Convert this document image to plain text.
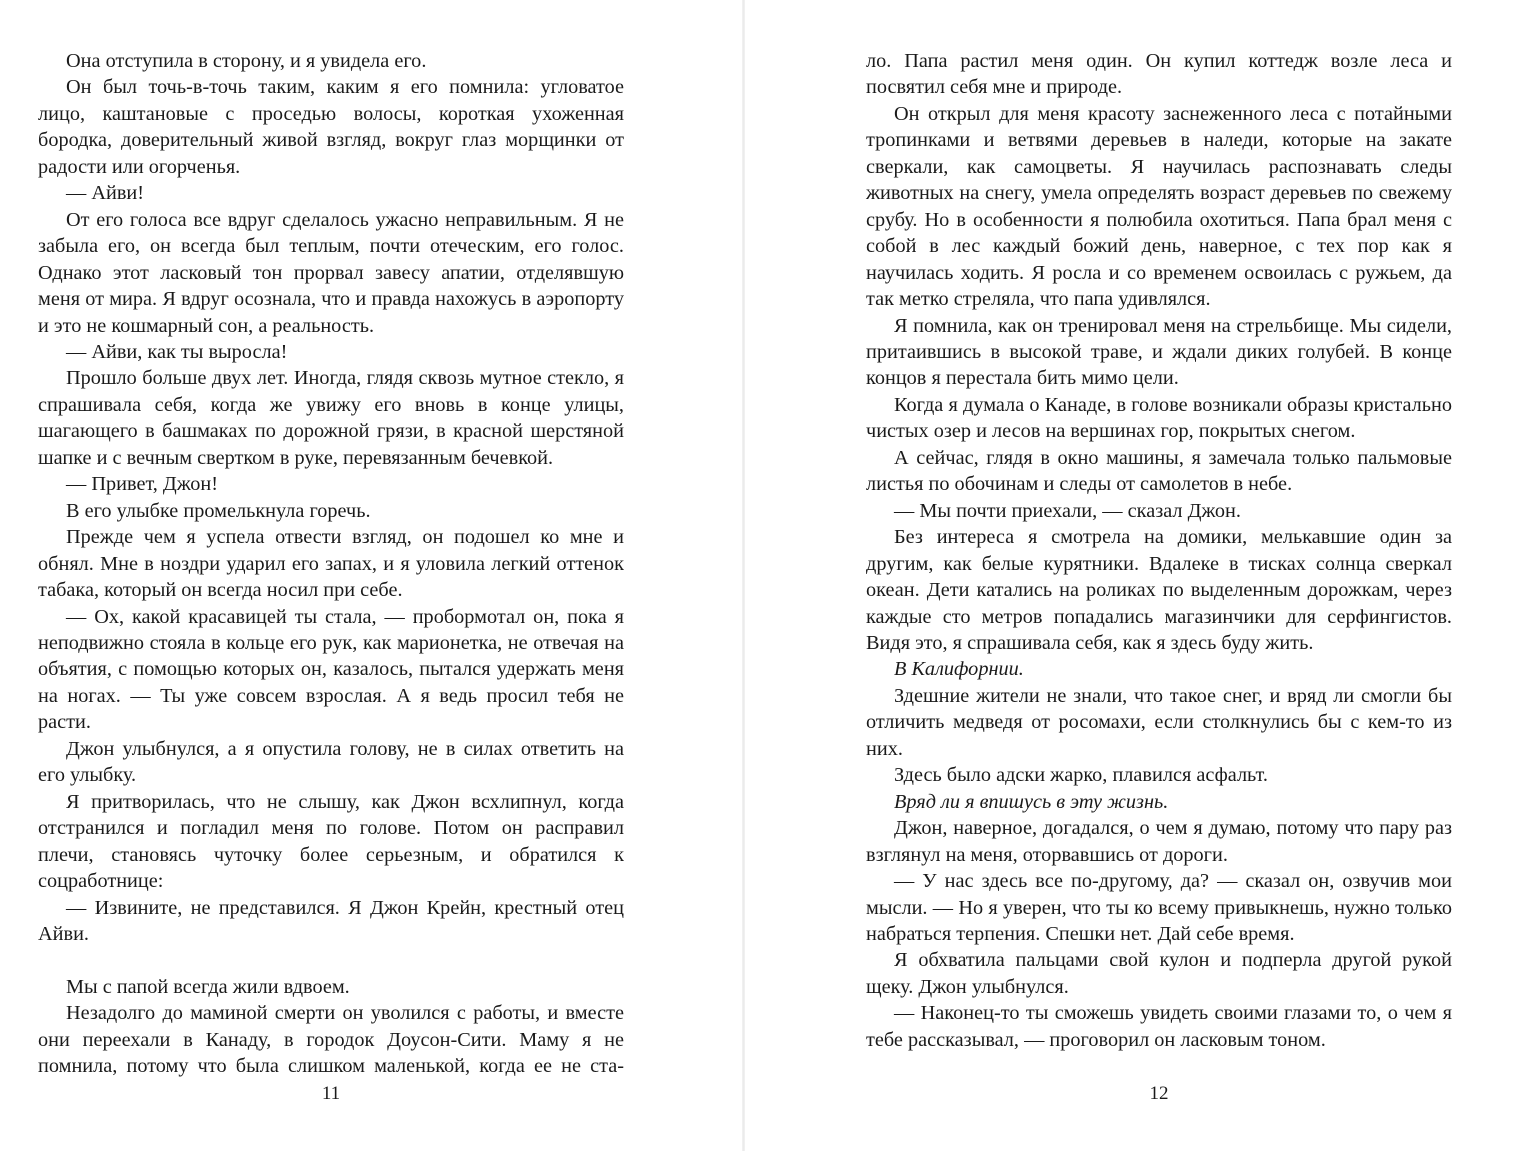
Она отступила в сторону, и я увидела его.

Он был точь-в-точь таким, каким я его помнила: угловатое лицо, каштановые с проседью волосы, короткая ухоженная бородка, доверительный живой взгляд, вокруг глаз морщинки от радости или огорченья.

— Айви!

От его голоса все вдруг сделалось ужасно неправильным. Я не забыла его, он всегда был теплым, почти отеческим, его голос. Однако этот ласковый тон прорвал завесу апатии, отделявшую меня от мира. Я вдруг осознала, что и правда нахожусь в аэропорту и это не кошмарный сон, а реальность.

— Айви, как ты выросла!

Прошло больше двух лет. Иногда, глядя сквозь мутное стекло, я спрашивала себя, когда же увижу его вновь в конце улицы, шагающего в башмаках по дорожной грязи, в красной шерстяной шапке и с вечным свертком в руке, перевязанным бечевкой.

— Привет, Джон!

В его улыбке промелькнула горечь.

Прежде чем я успела отвести взгляд, он подошел ко мне и обнял. Мне в ноздри ударил его запах, и я уловила легкий оттенок табака, который он всегда носил при себе.

— Ох, какой красавицей ты стала, — пробормотал он, пока я неподвижно стояла в кольце его рук, как марионетка, не отвечая на объятия, с помощью которых он, казалось, пытался удержать меня на ногах. — Ты уже совсем взрослая. А я ведь просил тебя не расти.

Джон улыбнулся, а я опустила голову, не в силах ответить на его улыбку.

Я притворилась, что не слышу, как Джон всхлипнул, когда отстранился и погладил меня по голове. Потом он расправил плечи, становясь чуточку более серьезным, и обратился к соцработнице:

— Извините, не представился. Я Джон Крейн, крестный отец Айви.

Мы с папой всегда жили вдвоем.

Незадолго до маминой смерти он уволился с работы, и вместе они переехали в Канаду, в городок Доусон-Сити. Маму я не помнила, потому что была слишком маленькой, когда ее не ста-

11

ло. Папа растил меня один. Он купил коттедж возле леса и посвятил себя мне и природе.

Он открыл для меня красоту заснеженного леса с потайными тропинками и ветвями деревьев в наледи, которые на закате сверкали, как самоцветы. Я научилась распознавать следы животных на снегу, умела определять возраст деревьев по свежему срубу. Но в особенности я полюбила охотиться. Папа брал меня с собой в лес каждый божий день, наверное, с тех пор как я научилась ходить. Я росла и со временем освоилась с ружьем, да так метко стреляла, что папа удивлялся.

Я помнила, как он тренировал меня на стрельбище. Мы сидели, притаившись в высокой траве, и ждали диких голубей. В конце концов я перестала бить мимо цели.

Когда я думала о Канаде, в голове возникали образы кристально чистых озер и лесов на вершинах гор, покрытых снегом.

А сейчас, глядя в окно машины, я замечала только пальмовые листья по обочинам и следы от самолетов в небе.

— Мы почти приехали, — сказал Джон.

Без интереса я смотрела на домики, мелькавшие один за другим, как белые курятники. Вдалеке в тисках солнца сверкал океан. Дети катались на роликах по выделенным дорожкам, через каждые сто метров попадались магазинчики для серфингистов. Видя это, я спрашивала себя, как я здесь буду жить.

В Калифорнии.

Здешние жители не знали, что такое снег, и вряд ли смогли бы отличить медведя от росомахи, если столкнулись бы с кем-то из них.

Здесь было адски жарко, плавился асфальт.

Вряд ли я впишусь в эту жизнь.

Джон, наверное, догадался, о чем я думаю, потому что пару раз взглянул на меня, оторвавшись от дороги.

— У нас здесь все по-другому, да? — сказал он, озвучив мои мысли. — Но я уверен, что ты ко всему привыкнешь, нужно только набраться терпения. Спешки нет. Дай себе время.

Я обхватила пальцами свой кулон и подперла другой рукой щеку. Джон улыбнулся.

— Наконец-то ты сможешь увидеть своими глазами то, о чем я тебе рассказывал, — проговорил он ласковым тоном.

12
